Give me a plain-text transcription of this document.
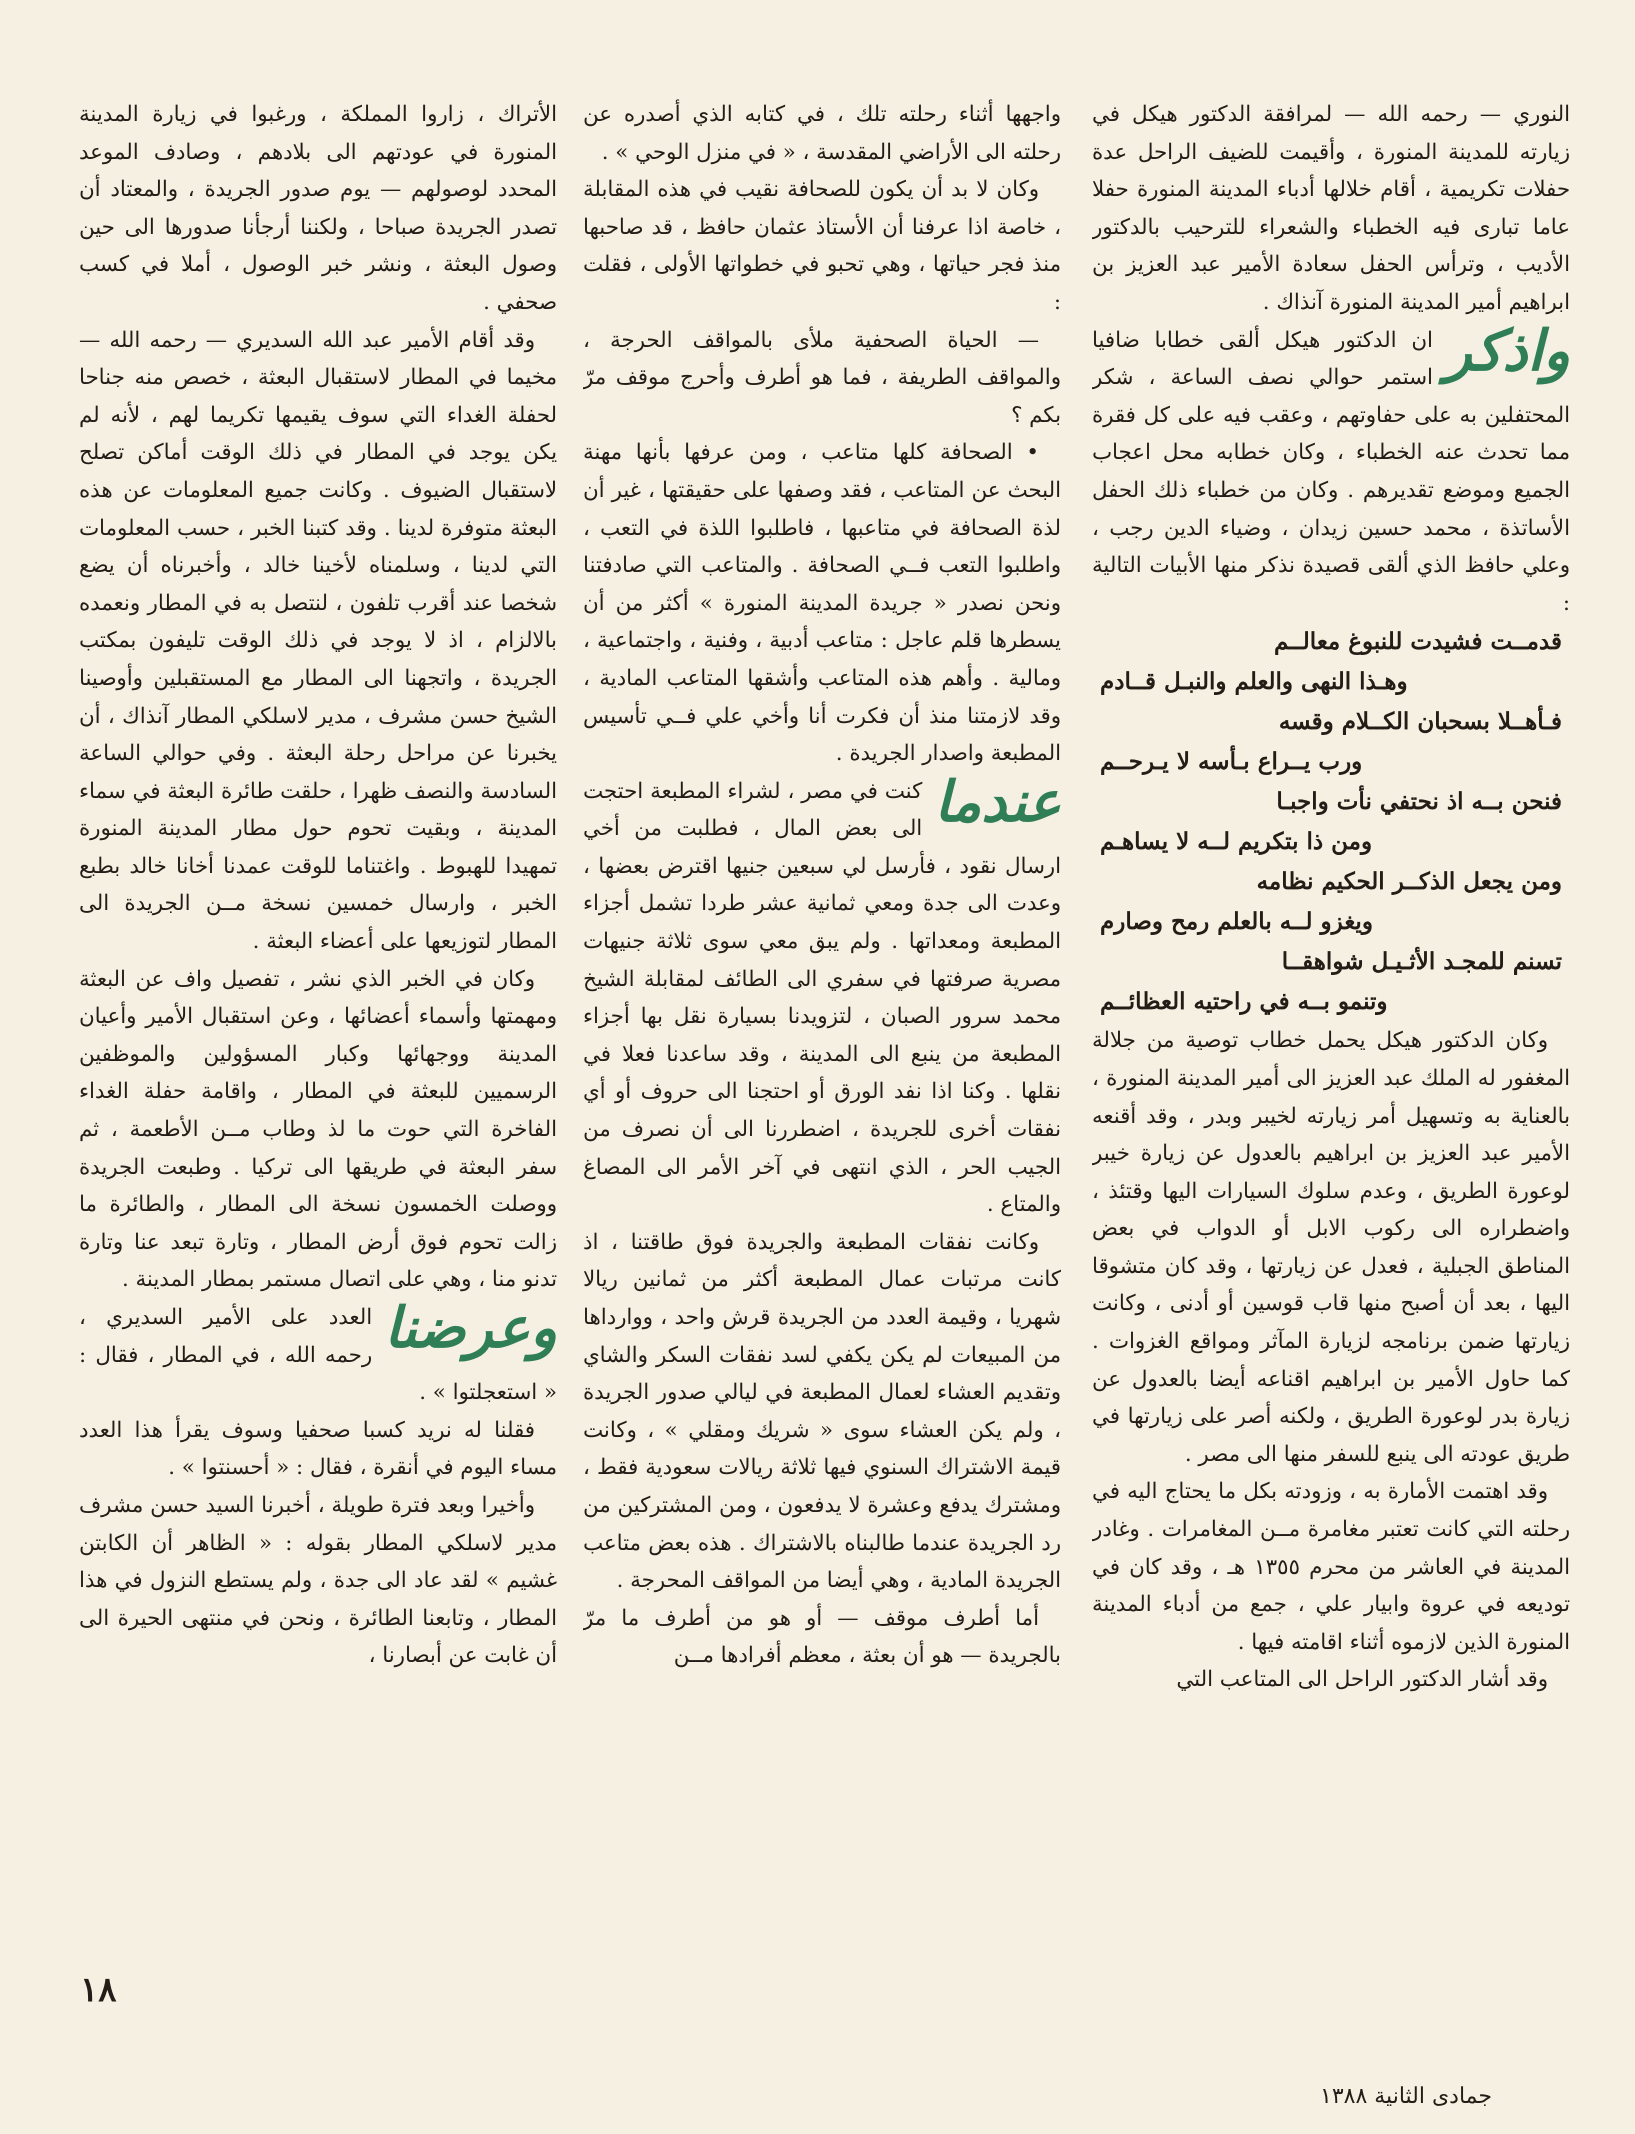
النوري — رحمه الله — لمرافقة الدكتور هيكل في زيارته للمدينة المنورة ، وأقيمت للضيف الراحل عدة حفلات تكريمية ، أقام خلالها أدباء المدينة المنورة حفلا عاما تبارى فيه الخطباء والشعراء للترحيب بالدكتور الأديب ، وترأس الحفل سعادة الأمير عبد العزيز بن ابراهيم أمير المدينة المنورة آنذاك .

واذكر
ان الدكتور هيكل ألقى خطابا ضافيا استمر حوالي نصف الساعة ، شكر المحتفلين به على حفاوتهم ، وعقب فيه على كل فقرة مما تحدث عنه الخطباء ، وكان خطابه محل اعجاب الجميع وموضع تقديرهم . وكان من خطباء ذلك الحفل الأساتذة ، محمد حسين زيدان ، وضياء الدين رجب ، وعلي حافظ الذي ألقى قصيدة نذكر منها الأبيات التالية :

قدمــت فشيدت للنبوغ معالــم
وهـذا النهى والعلم والنبـل قــادم

فـأهــلا بسحبان الكــلام وقسه
ورب يــراع بـأسه لا يـرحــم

فنحن بــه اذ نحتفي نأت واجبـا
ومن ذا بتكريم لــه لا يساهـم

ومن يجعل الذكــر الحكيم نظامه
ويغزو لــه بالعلم رمح وصارم

تسنم للمجـد الأثـيـل شواهقــا
وتنمو بــه في راحتيه العظائــم

وكان الدكتور هيكل يحمل خطاب توصية من جلالة المغفور له الملك عبد العزيز الى أمير المدينة المنورة ، بالعناية به وتسهيل أمر زيارته لخيبر وبدر ، وقد أقنعه الأمير عبد العزيز بن ابراهيم بالعدول عن زيارة خيبر لوعورة الطريق ، وعدم سلوك السيارات اليها وقتئذ ، واضطراره الى ركوب الابل أو الدواب في بعض المناطق الجبلية ، فعدل عن زيارتها ، وقد كان متشوقا اليها ، بعد أن أصبح منها قاب قوسين أو أدنى ، وكانت زيارتها ضمن برنامجه لزيارة المآثر ومواقع الغزوات . كما حاول الأمير بن ابراهيم اقناعه أيضا بالعدول عن زيارة بدر لوعورة الطريق ، ولكنه أصر على زيارتها في طريق عودته الى ينبع للسفر منها الى مصر .

وقد اهتمت الأمارة به ، وزودته بكل ما يحتاج اليه في رحلته التي كانت تعتبر مغامرة مــن المغامرات . وغادر المدينة في العاشر من محرم ١٣٥٥ هـ ، وقد كان في توديعه في عروة وابيار علي ، جمع من أدباء المدينة المنورة الذين لازموه أثناء اقامته فيها .

وقد أشار الدكتور الراحل الى المتاعب التي

واجهها أثناء رحلته تلك ، في كتابه الذي أصدره عن رحلته الى الأراضي المقدسة ، « في منزل الوحي » .

وكان لا بد أن يكون للصحافة نقيب في هذه المقابلة ، خاصة اذا عرفنا أن الأستاذ عثمان حافظ ، قد صاحبها منذ فجر حياتها ، وهي تحبو في خطواتها الأولى ، فقلت :

— الحياة الصحفية ملأى بالمواقف الحرجة ، والمواقف الطريفة ، فما هو أطرف وأحرج موقف مرّ بكم ؟

• الصحافة كلها متاعب ، ومن عرفها بأنها مهنة البحث عن المتاعب ، فقد وصفها على حقيقتها ، غير أن لذة الصحافة في متاعبها ، فاطلبوا اللذة في التعب ، واطلبوا التعب فــي الصحافة . والمتاعب التي صادفتنا ونحن نصدر « جريدة المدينة المنورة » أكثر من أن يسطرها قلم عاجل : متاعب أدبية ، وفنية ، واجتماعية ، ومالية . وأهم هذه المتاعب وأشقها المتاعب المادية ، وقد لازمتنا منذ أن فكرت أنا وأخي علي فــي تأسيس المطبعة واصدار الجريدة .

عندما
كنت في مصر ، لشراء المطبعة احتجت الى بعض المال ، فطلبت من أخي ارسال نقود ، فأرسل لي سبعين جنيها اقترض بعضها ، وعدت الى جدة ومعي ثمانية عشر طردا تشمل أجزاء المطبعة ومعداتها . ولم يبق معي سوى ثلاثة جنيهات مصرية صرفتها في سفري الى الطائف لمقابلة الشيخ محمد سرور الصبان ، لتزويدنا بسيارة نقل بها أجزاء المطبعة من ينبع الى المدينة ، وقد ساعدنا فعلا في نقلها . وكنا اذا نفد الورق أو احتجنا الى حروف أو أي نفقات أخرى للجريدة ، اضطررنا الى أن نصرف من الجيب الحر ، الذي انتهى في آخر الأمر الى المصاغ والمتاع .

وكانت نفقات المطبعة والجريدة فوق طاقتنا ، اذ كانت مرتبات عمال المطبعة أكثر من ثمانين ريالا شهريا ، وقيمة العدد من الجريدة قرش واحد ، ووارداها من المبيعات لم يكن يكفي لسد نفقات السكر والشاي وتقديم العشاء لعمال المطبعة في ليالي صدور الجريدة ، ولم يكن العشاء سوى « شريك ومقلي » ، وكانت قيمة الاشتراك السنوي فيها ثلاثة ريالات سعودية فقط ، ومشترك يدفع وعشرة لا يدفعون ، ومن المشتركين من رد الجريدة عندما طالبناه بالاشتراك . هذه بعض متاعب الجريدة المادية ، وهي أيضا من المواقف المحرجة .

أما أطرف موقف — أو هو من أطرف ما مرّ بالجريدة — هو أن بعثة ، معظم أفرادها مــن

الأتراك ، زاروا المملكة ، ورغبوا في زيارة المدينة المنورة في عودتهم الى بلادهم ، وصادف الموعد المحدد لوصولهم — يوم صدور الجريدة ، والمعتاد أن تصدر الجريدة صباحا ، ولكننا أرجأنا صدورها الى حين وصول البعثة ، ونشر خبر الوصول ، أملا في كسب صحفي .

وقد أقام الأمير عبد الله السديري — رحمه الله — مخيما في المطار لاستقبال البعثة ، خصص منه جناحا لحفلة الغداء التي سوف يقيمها تكريما لهم ، لأنه لم يكن يوجد في المطار في ذلك الوقت أماكن تصلح لاستقبال الضيوف . وكانت جميع المعلومات عن هذه البعثة متوفرة لدينا . وقد كتبنا الخبر ، حسب المعلومات التي لدينا ، وسلمناه لأخينا خالد ، وأخبرناه أن يضع شخصا عند أقرب تلفون ، لنتصل به في المطار ونعمده بالالزام ، اذ لا يوجد في ذلك الوقت تليفون بمكتب الجريدة ، واتجهنا الى المطار مع المستقبلين وأوصينا الشيخ حسن مشرف ، مدير لاسلكي المطار آنذاك ، أن يخبرنا عن مراحل رحلة البعثة . وفي حوالي الساعة السادسة والنصف ظهرا ، حلقت طائرة البعثة في سماء المدينة ، وبقيت تحوم حول مطار المدينة المنورة تمهيدا للهبوط . واغتناما للوقت عمدنا أخانا خالد بطبع الخبر ، وارسال خمسين نسخة مــن الجريدة الى المطار لتوزيعها على أعضاء البعثة .

وكان في الخبر الذي نشر ، تفصيل واف عن البعثة ومهمتها وأسماء أعضائها ، وعن استقبال الأمير وأعيان المدينة ووجهائها وكبار المسؤولين والموظفين الرسميين للبعثة في المطار ، واقامة حفلة الغداء الفاخرة التي حوت ما لذ وطاب مــن الأطعمة ، ثم سفر البعثة في طريقها الى تركيا . وطبعت الجريدة ووصلت الخمسون نسخة الى المطار ، والطائرة ما زالت تحوم فوق أرض المطار ، وتارة تبعد عنا وتارة تدنو منا ، وهي على اتصال مستمر بمطار المدينة .

وعرضنا
العدد على الأمير السديري ، رحمه الله ، في المطار ، فقال : « استعجلتوا » .

فقلنا له نريد كسبا صحفيا وسوف يقرأ هذا العدد مساء اليوم في أنقرة ، فقال : « أحسنتوا » .

وأخيرا وبعد فترة طويلة ، أخبرنا السيد حسن مشرف مدير لاسلكي المطار بقوله : « الظاهر أن الكابتن غشيم » لقد عاد الى جدة ، ولم يستطع النزول في هذا المطار ، وتابعنا الطائرة ، ونحن في منتهى الحيرة الى أن غابت عن أبصارنا ،

١٨
جمادى الثانية ١٣٨٨
